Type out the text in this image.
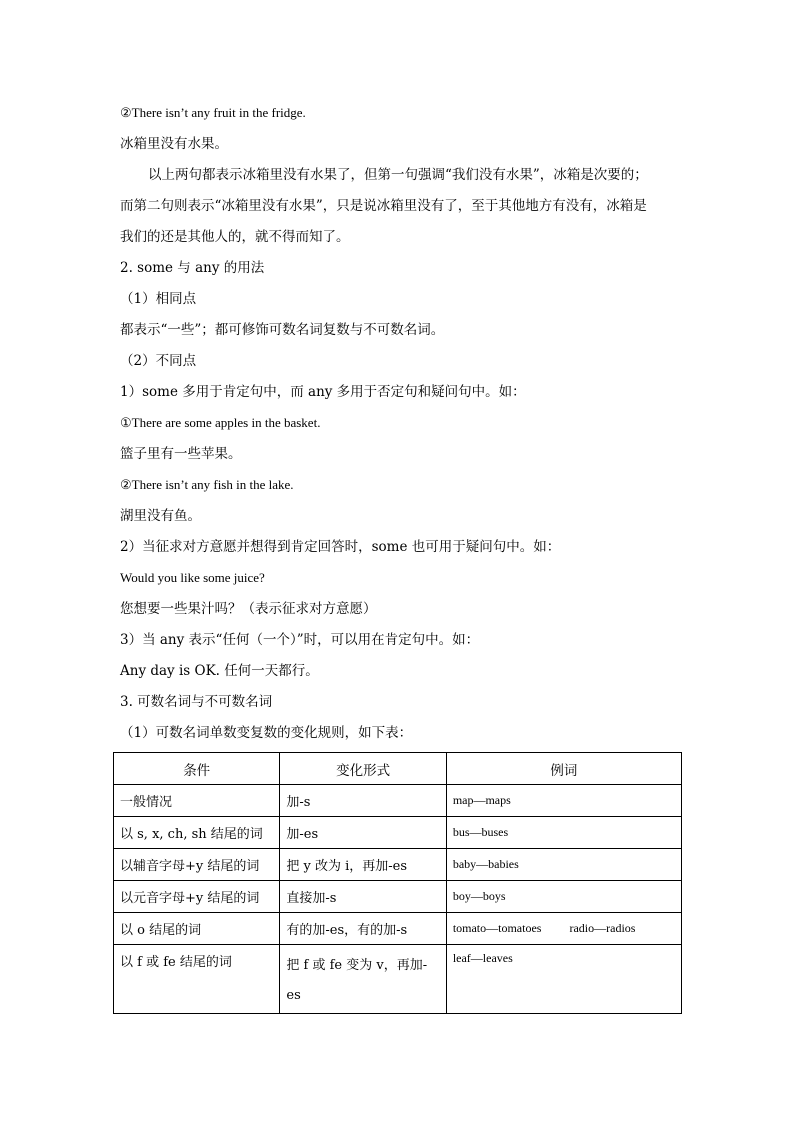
②There isn’t any fruit in the fridge.
冰箱里没有水果。
以上两句都表示冰箱里没有水果了，但第一句强调“我们没有水果”，冰箱是次要的；
而第二句则表示“冰箱里没有水果”，只是说冰箱里没有了，至于其他地方有没有，冰箱是
我们的还是其他人的，就不得而知了。
2. some 与 any 的用法
（1）相同点
都表示“一些”；都可修饰可数名词复数与不可数名词。
（2）不同点
1）some 多用于肯定句中，而 any 多用于否定句和疑问句中。如：
①There are some apples in the basket.
篮子里有一些苹果。
②There isn’t any fish in the lake.
湖里没有鱼。
2）当征求对方意愿并想得到肯定回答时，some 也可用于疑问句中。如：
Would you like some juice?
您想要一些果汁吗？（表示征求对方意愿）
3）当 any 表示“任何（一个）”时，可以用在肯定句中。如：
Any day is OK. 任何一天都行。
3. 可数名词与不可数名词
（1）可数名词单数变复数的变化规则，如下表：
条件	变化形式	例词
一般情况	加-s	map—maps
以 s, x, ch, sh 结尾的词	加-es	bus—buses
以辅音字母+y 结尾的词	把 y 改为 i，再加-es	baby—babies
以元音字母+y 结尾的词	直接加-s	boy—boys
以 o 结尾的词	有的加-es，有的加-s	tomato—tomatoes radio—radios
以 f 或 fe 结尾的词	把 f 或 fe 变为 v，再加-es	leaf—leaves
